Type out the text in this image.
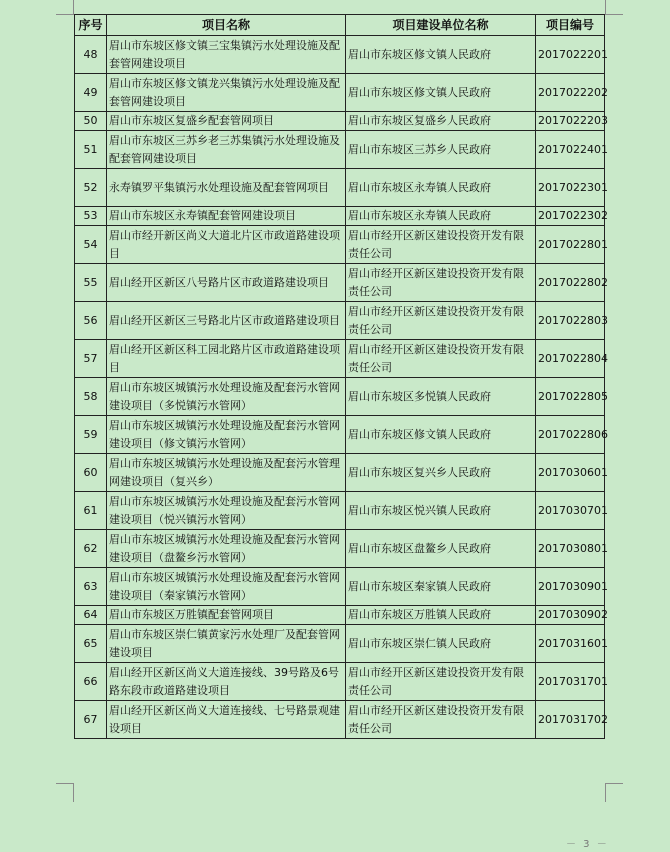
序号	项目名称	项目建设单位名称	项目编号
48	眉山市东坡区修文镇三宝集镇污水处理设施及配套管网建设项目	眉山市东坡区修文镇人民政府	2017022201
49	眉山市东坡区修文镇龙兴集镇污水处理设施及配套管网建设项目	眉山市东坡区修文镇人民政府	2017022202
50	眉山市东坡区复盛乡配套管网项目	眉山市东坡区复盛乡人民政府	2017022203
51	眉山市东坡区三苏乡老三苏集镇污水处理设施及配套管网建设项目	眉山市东坡区三苏乡人民政府	2017022401
52	永寿镇罗平集镇污水处理设施及配套管网项目	眉山市东坡区永寿镇人民政府	2017022301
53	眉山市东坡区永寿镇配套管网建设项目	眉山市东坡区永寿镇人民政府	2017022302
54	眉山市经开新区尚义大道北片区市政道路建设项目	眉山市经开区新区建设投资开发有限责任公司	2017022801
55	眉山经开区新区八号路片区市政道路建设项目	眉山市经开区新区建设投资开发有限责任公司	2017022802
56	眉山经开区新区三号路北片区市政道路建设项目	眉山市经开区新区建设投资开发有限责任公司	2017022803
57	眉山经开区新区科工园北路片区市政道路建设项目	眉山市经开区新区建设投资开发有限责任公司	2017022804
58	眉山市东坡区城镇污水处理设施及配套污水管网建设项目（多悦镇污水管网）	眉山市东坡区多悦镇人民政府	2017022805
59	眉山市东坡区城镇污水处理设施及配套污水管网建设项目（修文镇污水管网）	眉山市东坡区修文镇人民政府	2017022806
60	眉山市东坡区城镇污水处理设施及配套污水管理网建设项目（复兴乡）	眉山市东坡区复兴乡人民政府	2017030601
61	眉山市东坡区城镇污水处理设施及配套污水管网建设项目（悦兴镇污水管网）	眉山市东坡区悦兴镇人民政府	2017030701
62	眉山市东坡区城镇污水处理设施及配套污水管网建设项目（盘鳌乡污水管网）	眉山市东坡区盘鳌乡人民政府	2017030801
63	眉山市东坡区城镇污水处理设施及配套污水管网建设项目（秦家镇污水管网）	眉山市东坡区秦家镇人民政府	2017030901
64	眉山市东坡区万胜镇配套管网项目	眉山市东坡区万胜镇人民政府	2017030902
65	眉山市东坡区崇仁镇黄家污水处理厂及配套管网建设项目	眉山市东坡区崇仁镇人民政府	2017031601
66	眉山经开区新区尚义大道连接线、39号路及6号路东段市政道路建设项目	眉山市经开区新区建设投资开发有限责任公司	2017031701
67	眉山经开区新区尚义大道连接线、七号路景观建设项目	眉山市经开区新区建设投资开发有限责任公司	2017031702
－ 3 －
